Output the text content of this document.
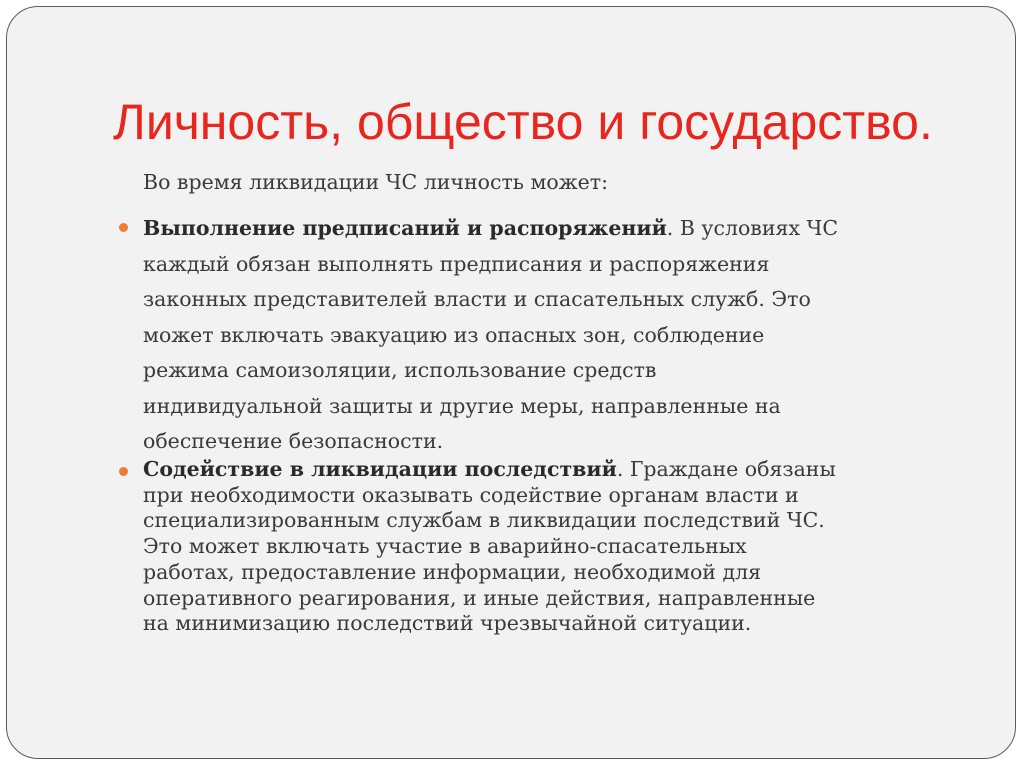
Личность, общество и государство.

Во время ликвидации ЧС личность может:

Выполнение предписаний и распоряжений. В условиях ЧС
каждый обязан выполнять предписания и распоряжения
законных представителей власти и спасательных служб. Это
может включать эвакуацию из опасных зон, соблюдение
режима самоизоляции, использование средств
индивидуальной защиты и другие меры, направленные на
обеспечение безопасности.

Содействие в ликвидации последствий. Граждане обязаны
при необходимости оказывать содействие органам власти и
специализированным службам в ликвидации последствий ЧС.
Это может включать участие в аварийно-спасательных
работах, предоставление информации, необходимой для
оперативного реагирования, и иные действия, направленные
на минимизацию последствий чрезвычайной ситуации.
